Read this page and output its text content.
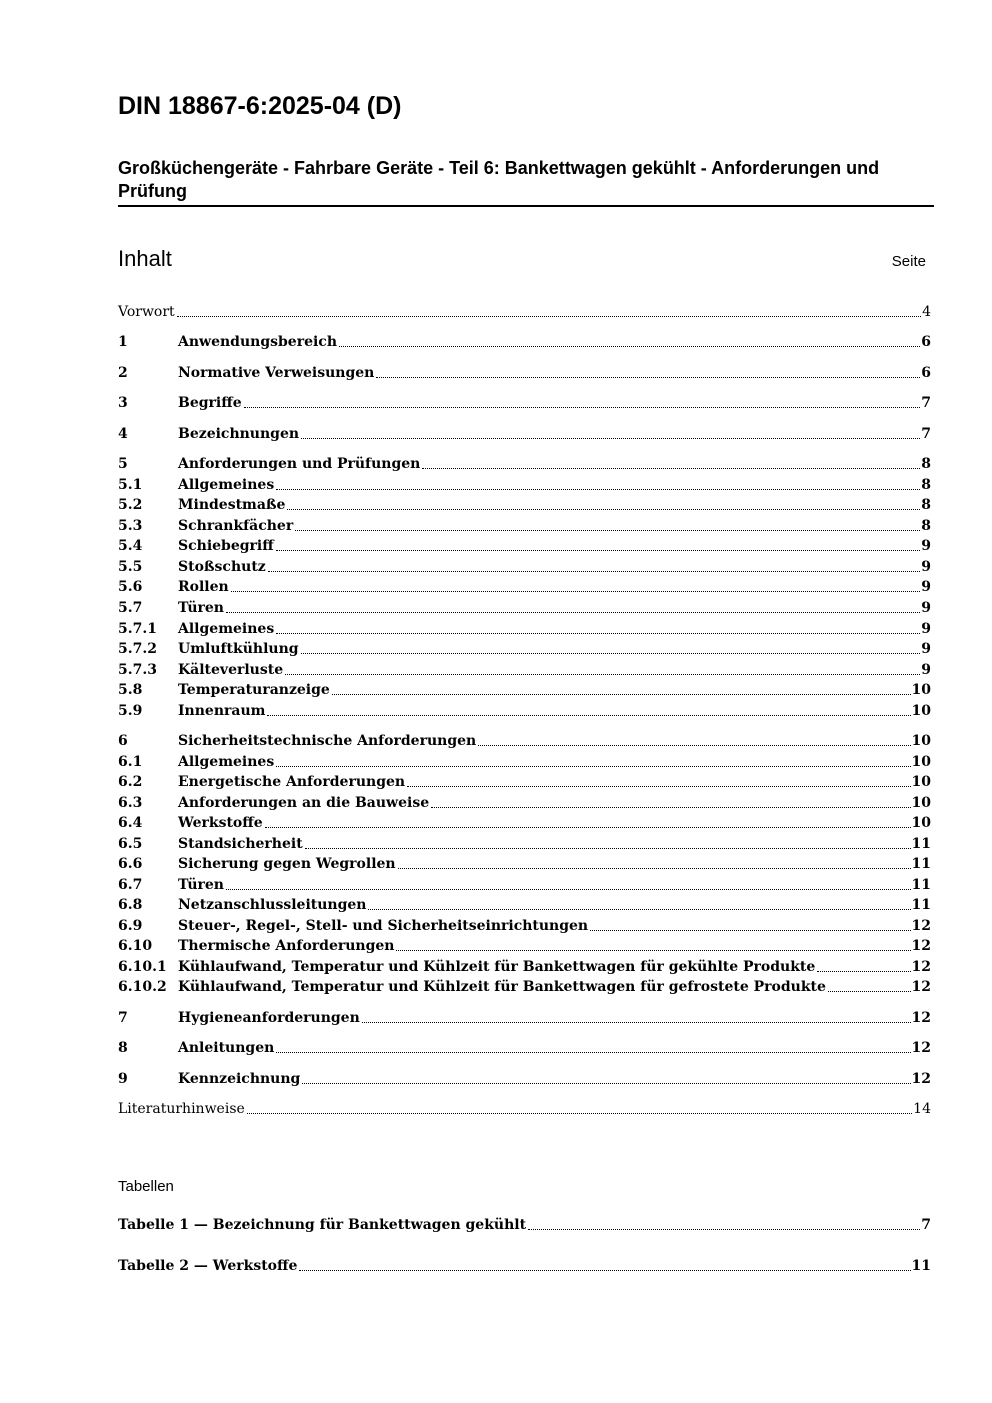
DIN 18867-6:2025-04 (D)
Großküchengeräte - Fahrbare Geräte - Teil 6: Bankettwagen gekühlt - Anforderungen und Prüfung
Inhalt	Seite
Vorwort	4
1	Anwendungsbereich	6
2	Normative Verweisungen	6
3	Begriffe	7
4	Bezeichnungen	7
5	Anforderungen und Prüfungen	8
5.1	Allgemeines	8
5.2	Mindestmaße	8
5.3	Schrankfächer	8
5.4	Schiebegriff	9
5.5	Stoßschutz	9
5.6	Rollen	9
5.7	Türen	9
5.7.1	Allgemeines	9
5.7.2	Umluftkühlung	9
5.7.3	Kälteverluste	9
5.8	Temperaturanzeige	10
5.9	Innenraum	10
6	Sicherheitstechnische Anforderungen	10
6.1	Allgemeines	10
6.2	Energetische Anforderungen	10
6.3	Anforderungen an die Bauweise	10
6.4	Werkstoffe	10
6.5	Standsicherheit	11
6.6	Sicherung gegen Wegrollen	11
6.7	Türen	11
6.8	Netzanschlussleitungen	11
6.9	Steuer-, Regel-, Stell- und Sicherheitseinrichtungen	12
6.10	Thermische Anforderungen	12
6.10.1 Kühlaufwand, Temperatur und Kühlzeit für Bankettwagen für gekühlte Produkte	12
6.10.2 Kühlaufwand, Temperatur und Kühlzeit für Bankettwagen für gefrostete Produkte	12
7	Hygieneanforderungen	12
8	Anleitungen	12
9	Kennzeichnung	12
Literaturhinweise	14
Tabellen
Tabelle 1 — Bezeichnung für Bankettwagen gekühlt	7
Tabelle 2 — Werkstoffe	11
